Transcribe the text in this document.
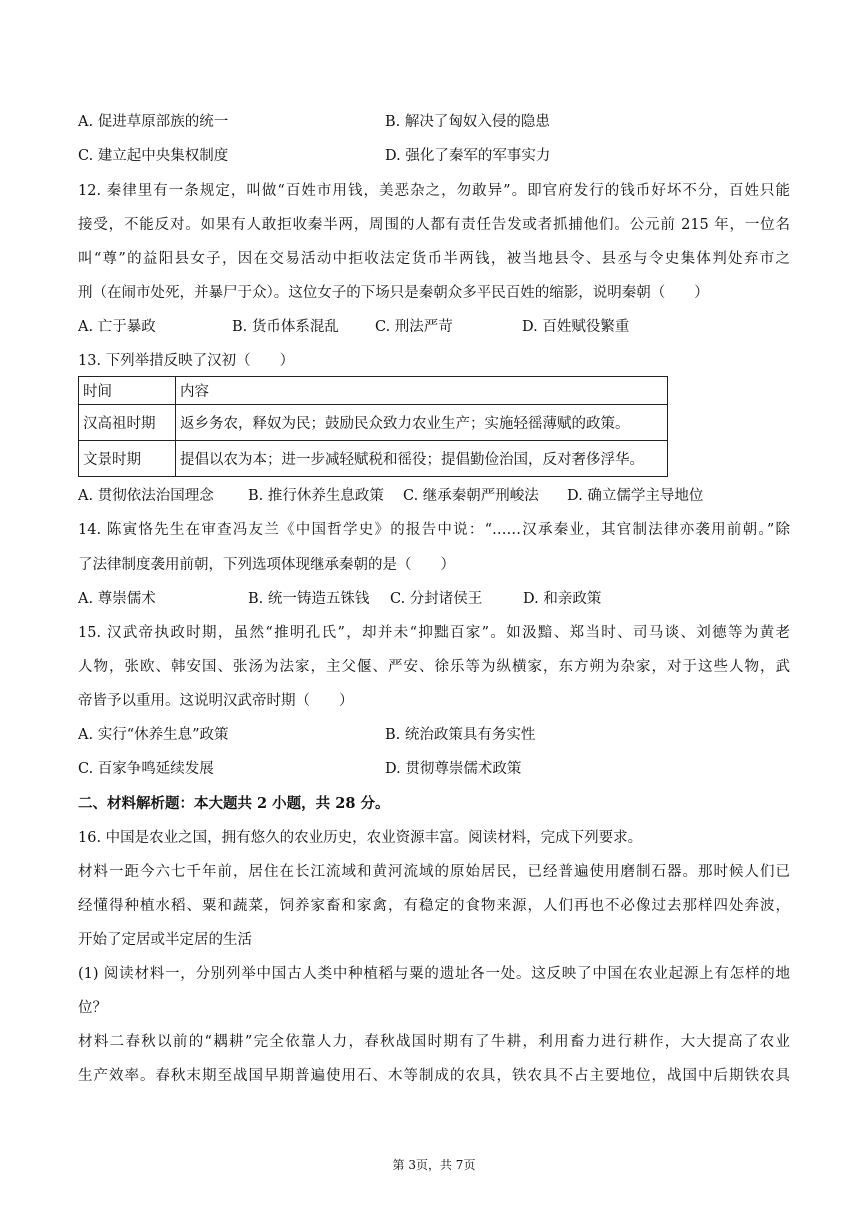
A. 促进草原部族的统一	B. 解决了匈奴入侵的隐患
C. 建立起中央集权制度	D. 强化了秦军的军事实力
12. 秦律里有一条规定，叫做“百姓市用钱，美恶杂之，勿敢异”。即官府发行的钱币好坏不分，百姓只能
接受，不能反对。如果有人敢拒收秦半两，周围的人都有责任告发或者抓捕他们。公元前 215 年，一位名
叫“尊”的益阳县女子，因在交易活动中拒收法定货币半两钱，被当地县令、县丞与令史集体判处弃市之
刑（在闹市处死，并暴尸于众）。这位女子的下场只是秦朝众多平民百姓的缩影，说明秦朝（　　）
A. 亡于暴政	B. 货币体系混乱 C. 刑法严苛	D. 百姓赋役繁重
13. 下列举措反映了汉初（　　）
时间	内容
汉高祖时期	返乡务农，释奴为民；鼓励民众致力农业生产；实施轻徭薄赋的政策。
文景时期	提倡以农为本；进一步减轻赋税和徭役；提倡勤俭治国，反对奢侈浮华。
A. 贯彻依法治国理念 B. 推行休养生息政策 C. 继承秦朝严刑峻法 D. 确立儒学主导地位
14. 陈寅恪先生在审查冯友兰《中国哲学史》的报告中说：“……汉承秦业，其官制法律亦袭用前朝。”除
了法律制度袭用前朝，下列选项体现继承秦朝的是（　　）
A. 尊崇儒术	B. 统一铸造五铢钱 C. 分封诸侯王	D. 和亲政策
15. 汉武帝执政时期，虽然“推明孔氏”，却并未“抑黜百家”。如汲黯、郑当时、司马谈、刘德等为黄老
人物，张欧、韩安国、张汤为法家，主父偃、严安、徐乐等为纵横家，东方朔为杂家，对于这些人物，武
帝皆予以重用。这说明汉武帝时期（　　）
A. 实行“休养生息”政策	B. 统治政策具有务实性
C. 百家争鸣延续发展	D. 贯彻尊崇儒术政策
二、材料解析题：本大题共 2 小题，共 28 分。
16. 中国是农业之国，拥有悠久的农业历史，农业资源丰富。阅读材料，完成下列要求。
材料一距今六七千年前，居住在长江流域和黄河流域的原始居民，已经普遍使用磨制石器。那时候人们已
经懂得种植水稻、粟和蔬菜，饲养家畜和家禽，有稳定的食物来源，人们再也不必像过去那样四处奔波，
开始了定居或半定居的生活
(1) 阅读材料一，分别列举中国古人类中种植稻与粟的遗址各一处。这反映了中国在农业起源上有怎样的地
位？
材料二春秋以前的“耦耕”完全依靠人力，春秋战国时期有了牛耕，利用畜力进行耕作，大大提高了农业
生产效率。春秋末期至战国早期普遍使用石、木等制成的农具，铁农具不占主要地位，战国中后期铁农具
第 3页，共 7页
